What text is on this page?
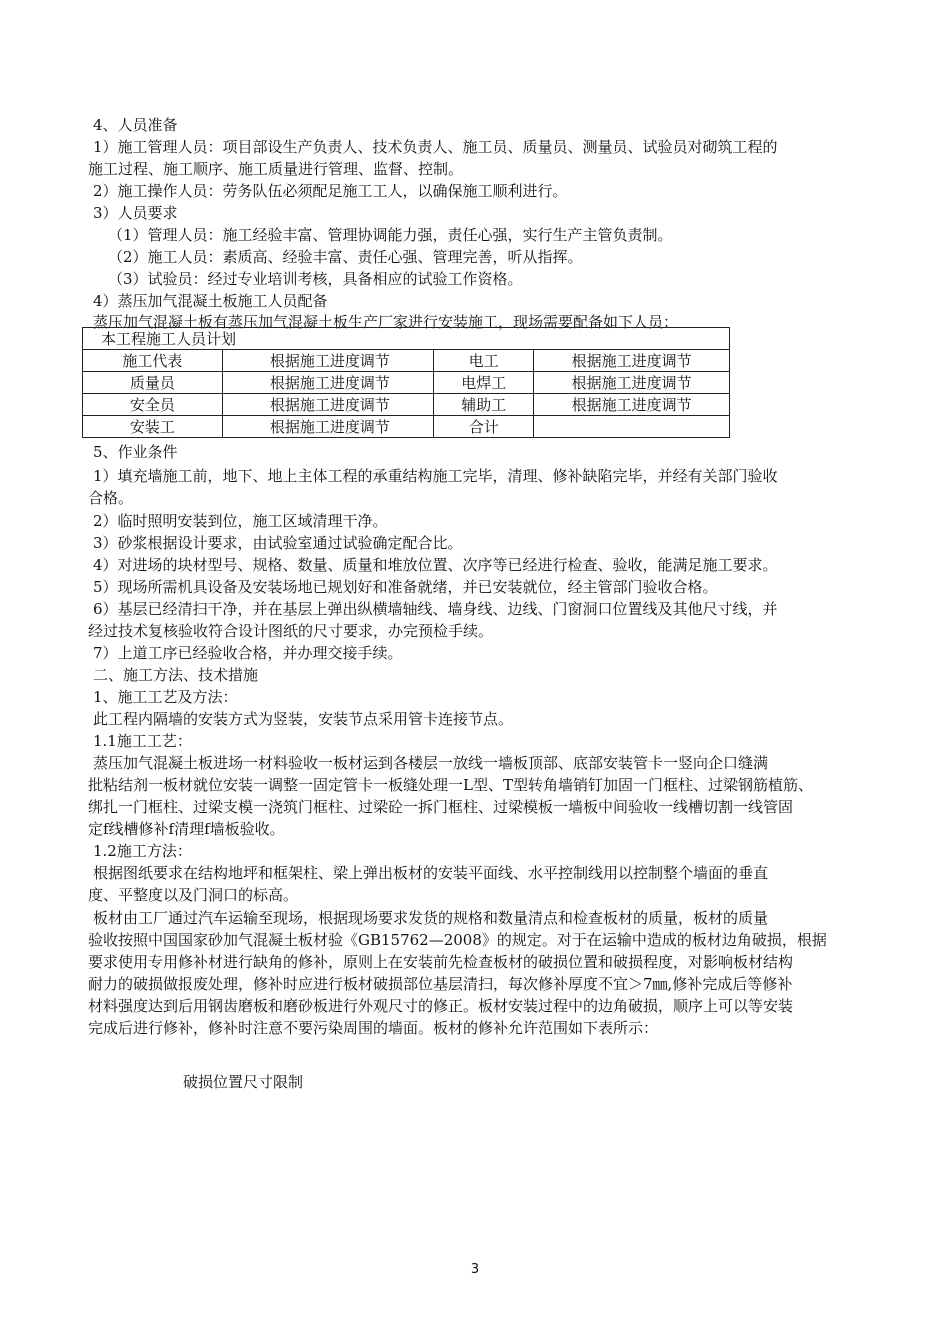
4、人员准备
1）施工管理人员：项目部设生产负责人、技术负责人、施工员、质量员、测量员、试验员对砌筑工程的
施工过程、施工顺序、施工质量进行管理、监督、控制。
2）施工操作人员：劳务队伍必须配足施工工人，以确保施工顺利进行。
3）人员要求
（1）管理人员：施工经验丰富、管理协调能力强，责任心强，实行生产主管负责制。
（2）施工人员：素质高、经验丰富、责任心强、管理完善，听从指挥。
（3）试验员：经过专业培训考核，具备相应的试验工作资格。
4）蒸压加气混凝土板施工人员配备
蒸压加气混凝土板有蒸压加气混凝土板生产厂家进行安装施工，现场需要配备如下人员：
本工程施工人员计划			
施工代表	根据施工进度调节	电工	根据施工进度调节
质量员	根据施工进度调节	电焊工	根据施工进度调节
安全员	根据施工进度调节	辅助工	根据施工进度调节
安装工	根据施工进度调节	合计	
5、作业条件
1）填充墙施工前，地下、地上主体工程的承重结构施工完毕，清理、修补缺陷完毕，并经有关部门验收
合格。
2）临时照明安装到位，施工区域清理干净。
3）砂浆根据设计要求，由试验室通过试验确定配合比。
4）对进场的块材型号、规格、数量、质量和堆放位置、次序等已经进行检查、验收，能满足施工要求。
5）现场所需机具设备及安装场地已规划好和准备就绪，并已安装就位，经主管部门验收合格。
6）基层已经清扫干净，并在基层上弹出纵横墙轴线、墙身线、边线、门窗洞口位置线及其他尺寸线，并
经过技术复核验收符合设计图纸的尺寸要求，办完预检手续。
7）上道工序已经验收合格，并办理交接手续。
二、施工方法、技术措施
1、施工工艺及方法：
此工程内隔墙的安装方式为竖装，安装节点采用管卡连接节点。
1.1施工工艺：
蒸压加气混凝土板进场一材料验收一板材运到各楼层一放线一墙板顶部、底部安装管卡一竖向企口缝满
批粘结剂一板材就位安装一调整一固定管卡一板缝处理一L型、T型转角墙销钉加固一门框柱、过梁钢筋植筋、
绑扎一门框柱、过梁支模一浇筑门框柱、过梁砼一拆门框柱、过梁模板一墙板中间验收一线槽切割一线管固
定f线槽修补f清理f墙板验收。
1.2施工方法：
根据图纸要求在结构地坪和框架柱、梁上弹出板材的安装平面线、水平控制线用以控制整个墙面的垂直
度、平整度以及门洞口的标高。
板材由工厂通过汽车运输至现场，根据现场要求发货的规格和数量清点和检查板材的质量，板材的质量
验收按照中国国家砂加气混凝土板材验《GB15762—2008》的规定。对于在运输中造成的板材边角破损，根据
要求使用专用修补材进行缺角的修补，原则上在安装前先检查板材的破损位置和破损程度，对影响板材结构
耐力的破损做报废处理，修补时应进行板材破损部位基层清扫，每次修补厚度不宜＞7㎜,修补完成后等修补
材料强度达到后用钢齿磨板和磨砂板进行外观尺寸的修正。板材安装过程中的边角破损，顺序上可以等安装
完成后进行修补，修补时注意不要污染周围的墙面。板材的修补允许范围如下表所示：
破损位置尺寸限制
3
